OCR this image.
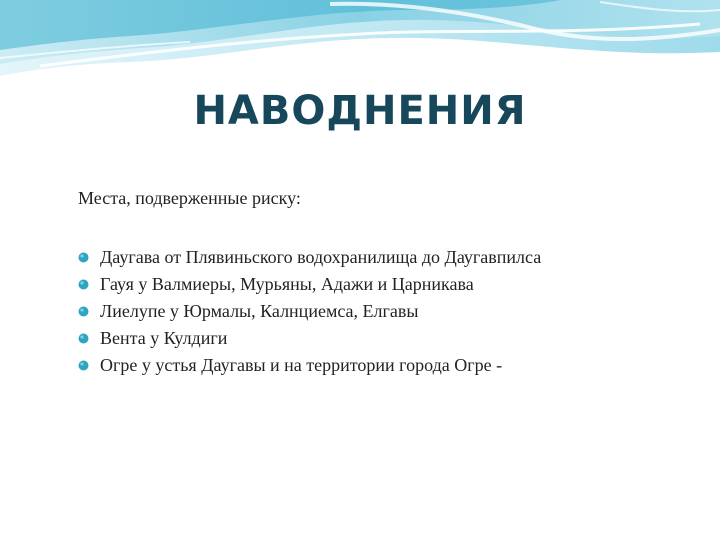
НАВОДНЕНИЯ

Места, подверженные риску:

Даугава от Плявиньского водохранилища до Даугавпилса
Гауя у Валмиеры, Мурьяны, Адажи и Царникава
Лиелупе у Юрмалы, Калнциемса, Елгавы
Вента у Кулдиги
Огре у устья Даугавы и на территории города Огре -
